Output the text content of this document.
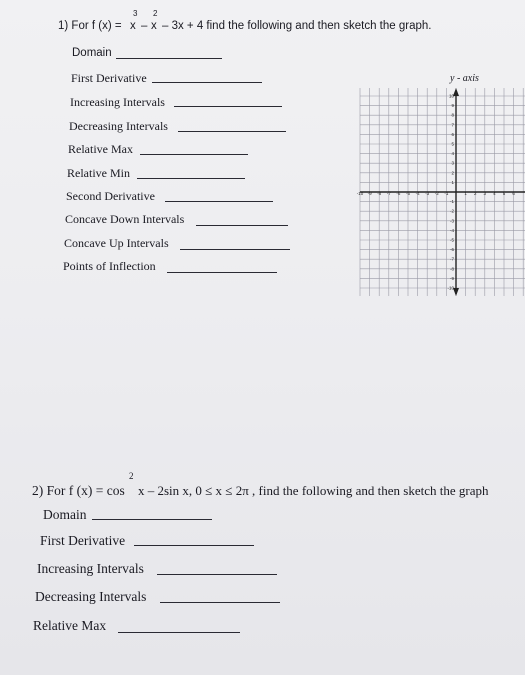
1) For f (x) = x
3
– x
2
– 3x + 4 find the following and then sketch the graph.
Domain
First Derivative
Increasing Intervals
Decreasing Intervals
Relative Max
Relative Min
Second Derivative
Concave Down Intervals
Concave Up Intervals
Points of Inflection
y - axis
-10 -9 -8 -7 -6 -5 -4 -3 -2 -1	1 2 3 4 5 6
10
9
8
7
6
5
4
3
2
1
-1
-2
-3
-4
-5
-6
-7
-8
-9
-10

2) For f (x) = cos
2
x – 2sin x, 0 ≤ x ≤ 2π , find the following and then sketch the graph
Domain
First Derivative
Increasing Intervals
Decreasing Intervals
Relative Max
